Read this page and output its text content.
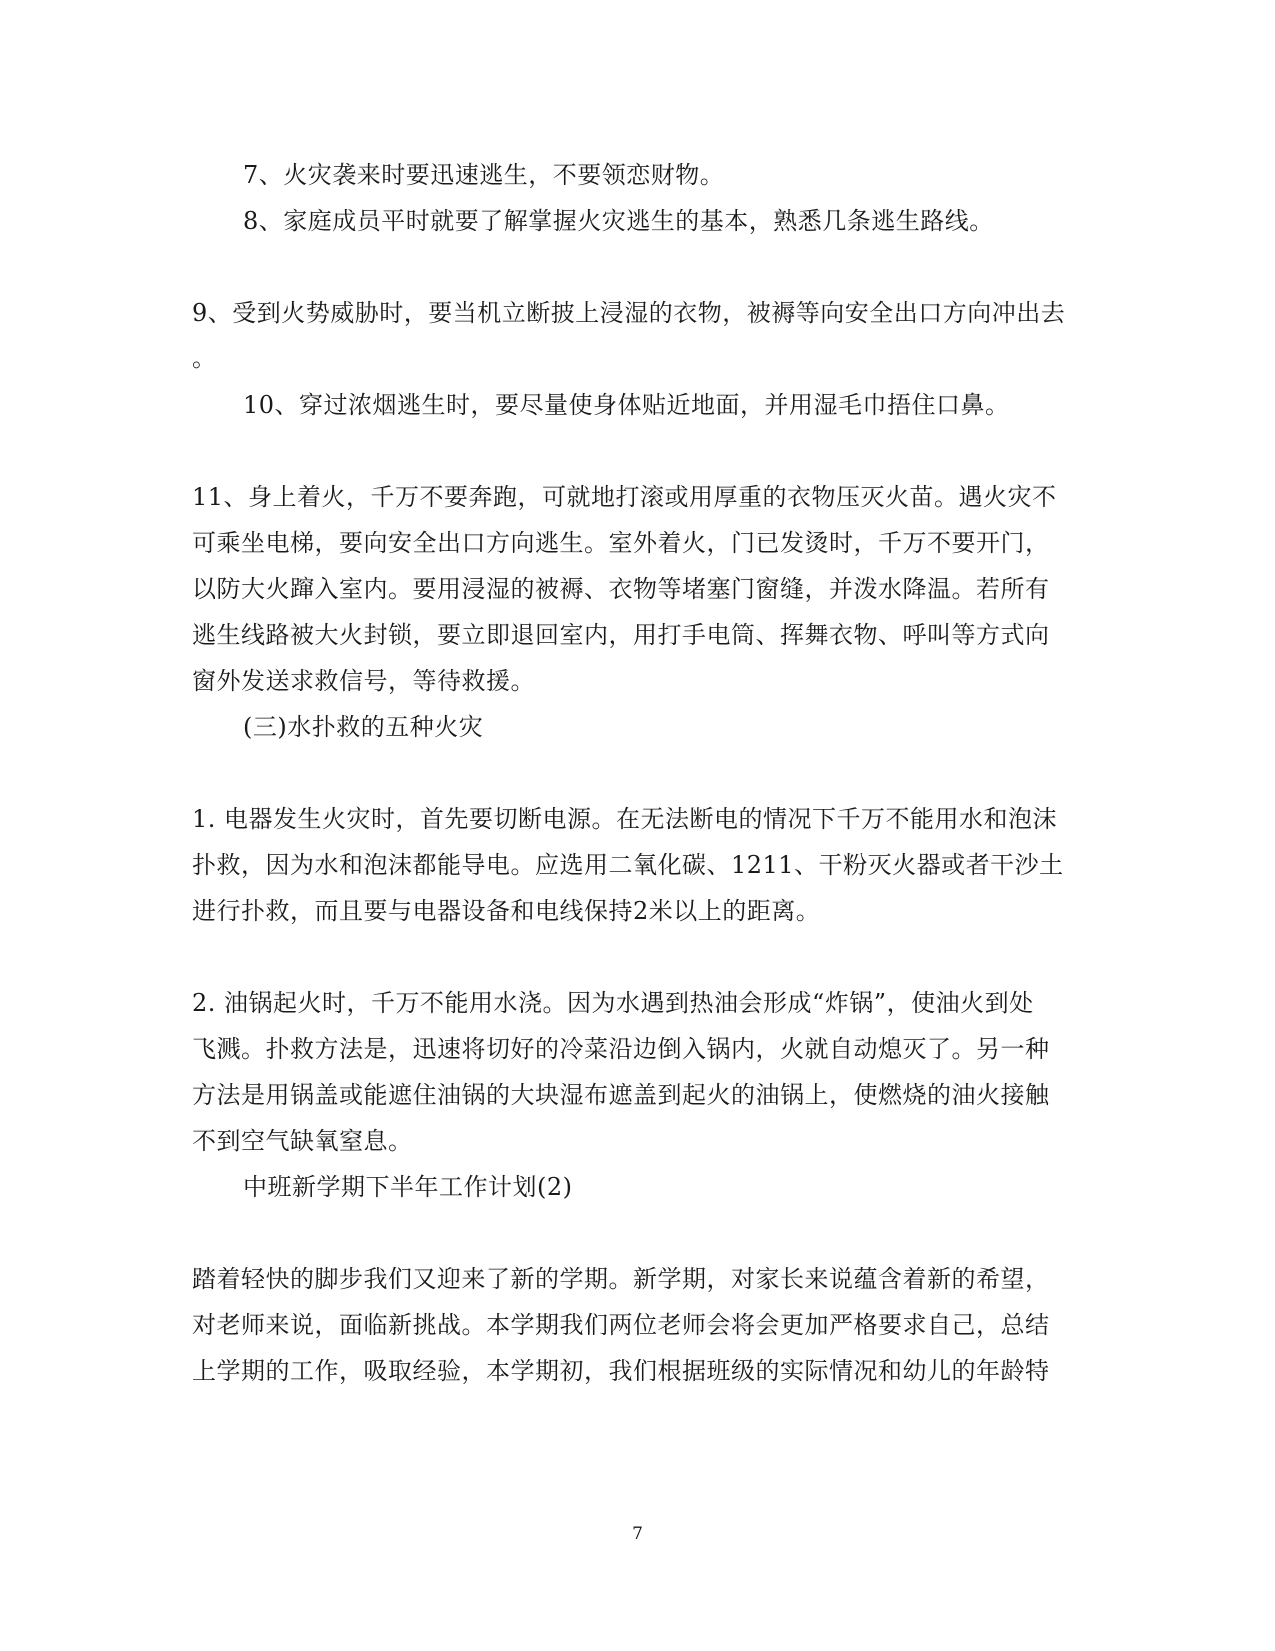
7、火灾袭来时要迅速逃生，不要领恋财物。
8、家庭成员平时就要了解掌握火灾逃生的基本，熟悉几条逃生路线。
9、受到火势威胁时，要当机立断披上浸湿的衣物，被褥等向安全出口方向冲出去
。
10、穿过浓烟逃生时，要尽量使身体贴近地面，并用湿毛巾捂住口鼻。
11、身上着火，千万不要奔跑，可就地打滚或用厚重的衣物压灭火苗。遇火灾不
可乘坐电梯，要向安全出口方向逃生。室外着火，门已发烫时，千万不要开门，
以防大火蹿入室内。要用浸湿的被褥、衣物等堵塞门窗缝，并泼水降温。若所有
逃生线路被大火封锁，要立即退回室内，用打手电筒、挥舞衣物、呼叫等方式向
窗外发送求救信号，等待救援。
(三)水扑救的五种火灾
1. 电器发生火灾时，首先要切断电源。在无法断电的情况下千万不能用水和泡沫
扑救，因为水和泡沫都能导电。应选用二氧化碳、1211、干粉灭火器或者干沙土
进行扑救，而且要与电器设备和电线保持2米以上的距离。
2. 油锅起火时，千万不能用水浇。因为水遇到热油会形成“炸锅”，使油火到处
飞溅。扑救方法是，迅速将切好的冷菜沿边倒入锅内，火就自动熄灭了。另一种
方法是用锅盖或能遮住油锅的大块湿布遮盖到起火的油锅上，使燃烧的油火接触
不到空气缺氧窒息。
中班新学期下半年工作计划(2)
踏着轻快的脚步我们又迎来了新的学期。新学期，对家长来说蕴含着新的希望，
对老师来说，面临新挑战。本学期我们两位老师会将会更加严格要求自己，总结
上学期的工作，吸取经验，本学期初，我们根据班级的实际情况和幼儿的年龄特
7
